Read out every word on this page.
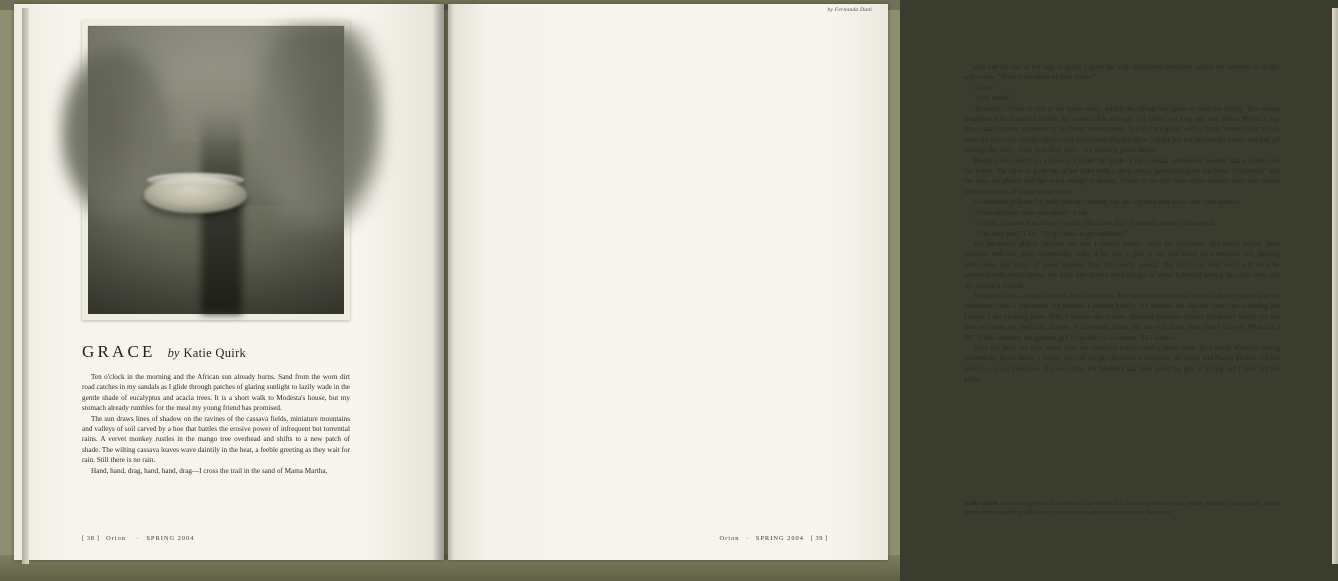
GRACE by Katie Quirk

Ten o'clock in the morning and the African sun already burns. Sand from the worn dirt road catches in my sandals as I glide through patches of glaring sunlight to lazily wade in the gentle shade of eucalyptus and acacia trees. It is a short walk to Modesta's house, but my stomach already rumbles for the meal my young friend has promised.

The sun draws lines of shadow on the ravines of the cassava fields, miniature mountains and valleys of soil carved by a hoe that battles the erosive power of infrequent but torrential rains. A vervet monkey rustles in the mango tree overhead and shifts to a new patch of shade. The wilting cassava leaves wave daintily in the heat, a feeble greeting as they wait for rain. Still there is no rain.

Hand, hand, drag, hand, hand, drag—I cross the trail in the sand of Mama Martha,

[ 38 ] Orion · SPRING 2004
by Fernanda Dani

who lost the use of her legs to polio. I greet her with traditional questions, which she answers in single, soft words. "What is the news of your house?"

"Good."

"Your work?"

"Peaceful." There is rice at her home today, which the village has given to feed her family. Two young daughters with distended bellies, her mother sick with age, her father lost long ago, and Mama Martha's legs like cassava leaves, withered by the fierce environment. Yet her face glows with a smile. Would I like to join them for rice? She readily offers what she cannot afford to give. I thank her but decline for today, and pad off through the sand—foot, foot, foot, foot—our meeting prints depart.

Modesta lies quietly on a straw mat under the shade of the colossal, prehistoric boulder that watches over her house. She rises to greet me as her elder with a deep curtsy, genuflecting on one knee:"Shikamoo." But her eyes are glazed and her usual energy is absent. Where is the girl who scales papaya trees and carries endless buckets of water on her head?

As Modesta pulls me by hand into the cooking hut, she explains that she is sick with malaria.

"What medicine have you taken?" I ask.

"Aspirin, because it is cheap." I panic. Her sister died of malaria treated with aspirin.

"I can help you," I say. "I'll go home to get medicine."

But Modesta's glance reminds me that I cannot always solve her problems. Her blood knows these parasites well and, more importantly, today is her day to give to me. She blows on a remnant coal, igniting corn husks and scraps of wood gleaned from the nearby woods. The hut's cool mud walls will soon be saturated with wood smoke. We drop into silence until the pot of water balanced among the coals boils and she carries it outside.

A relative feast—cassava leaves, rice, and beans. She smiles to see me eat and so I dip my hands into the communal bowl a little more, not because I am that hungry, but because she and her sisters are watching and I know I am pleasing them. Still, I wrestle the ironies. Malarial parasites inhabit Modesta's blood, yet she does not want my medicine. Hunger is a constant threat, yet she will share more than I can eat. What can I do? At this moment, the greatest gift I can offer is to receive. So I receive.

After the meal, we pour water over one another's hands, rinsing them clean. As I watch Modesta resting contentedly in the shade, I realize she will not get the malaria medicine she needs and Mama Martha will not have rice to eat tomorrow. But we smile. For Modesta has been given the gift of giving and I have felt her grace.

Katie Quirk teaches English at Kodaikanal International School in southern India, where Modesta has recently joined her to attend eighth grade. Katie previously taught at a university in Tanzania.
Orion · SPRING 2004 [ 39 ]
